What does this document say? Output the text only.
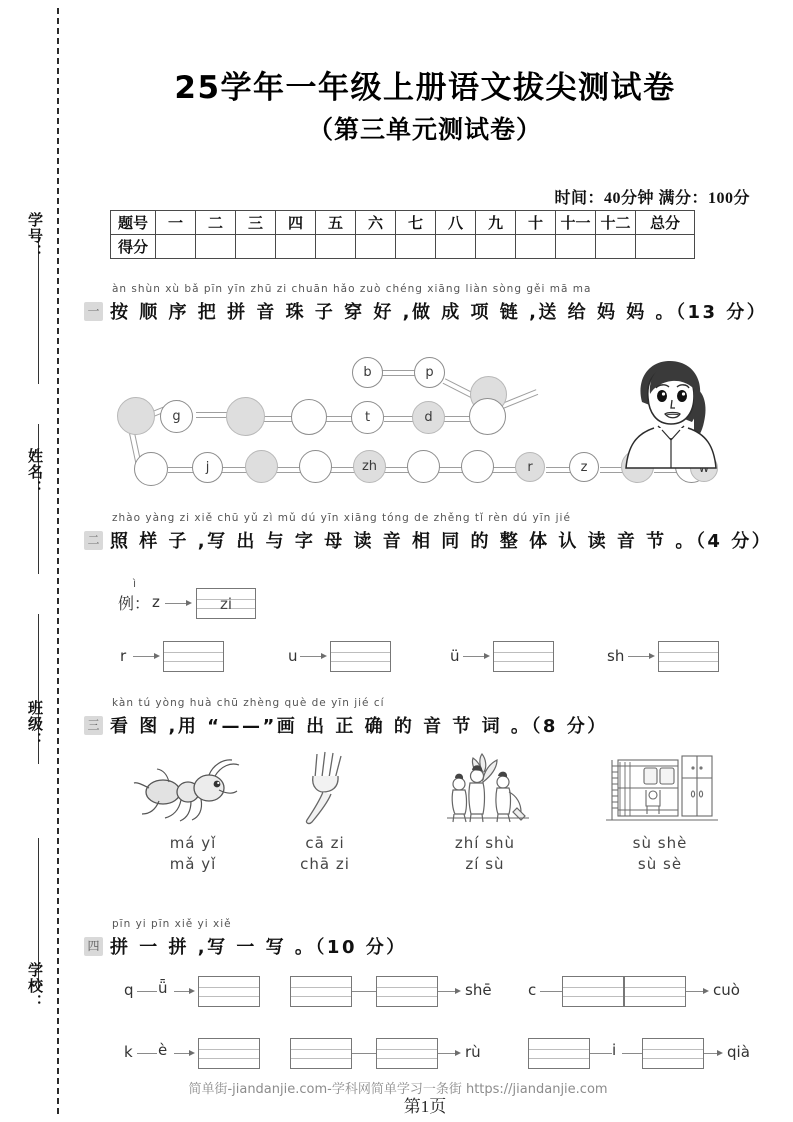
学号：
姓名：
班级：
学校：
25学年一年级上册语文拔尖测试卷
（第三单元测试卷）
时间：40分钟 满分：100分
题号	一	二	三	四	五	六	七	八	九	十	十一	十二	总分
得分													
àn shùn xù bǎ pīn yīn zhū zi chuān hǎo zuò chéng xiāng liàn sòng gěi mā ma
一 按 顺 序 把 拼 音 珠 子 穿 好 ,做 成 项 链 ,送 给 妈 妈 。（13 分）
b	p
g	t	d
j	zh	r	z
zhào yàng zi xiě chū yǔ zì mǔ dú yīn xiāng tóng de zhěng tǐ rèn dú yīn jié
二 照 样 子 ,写 出 与 字 母 读 音 相 同 的 整 体 认 读 音 节 。（4 分）
ì
例： z	zi
r	u	ü	sh
kàn tú yòng huà chū zhèng què de yīn jié cí
三 看 图 ,用 “——”画 出 正 确 的 音 节 词 。（8 分）
má yǐ
mǎ yǐ
cā zi
chā zi
zhí shù
zí sù
sù shè
sù sè
pīn yi pīn xiě yi xiě
四 拼 一 拼 ,写 一 写 。（10 分）
q ǖ	shē c	cuò
k è	rù	i	qià
简单街-jiandanjie.com-学科网简单学习一条街 https://jiandanjie.com
第1页
